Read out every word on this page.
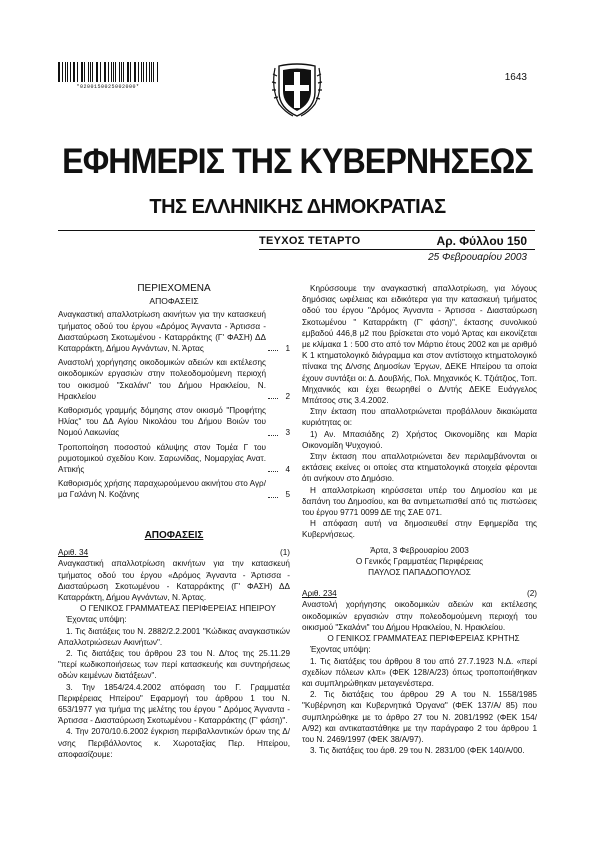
*0200150025002000*
1643
ΕΦΗΜΕΡΙΣ ΤΗΣ ΚΥΒΕΡΝΗΣΕΩΣ
ΤΗΣ ΕΛΛΗΝΙΚΗΣ ΔΗΜΟΚΡΑΤΙΑΣ
ΤΕΥΧΟΣ ΤΕΤΑΡΤΟ	Αρ. Φύλλου 150
25 Φεβρουαρίου 2003
ΠΕΡΙΕΧΟΜΕΝΑ
ΑΠΟΦΑΣΕΙΣ
Αναγκαστική απαλλοτρίωση ακινήτων για την κατασκευή τμήματος οδού του έργου «Δρόμος Άγναντα - Άρτισσα - Διασταύρωση Σκοτωμένου - Καταρράκτης (Γ' ΦΑΣΗ) ΔΔ Καταρράκτη, Δήμου Αγνάντων, Ν. Άρτας	1
Αναστολή χορήγησης οικοδομικών αδειών και εκτέλεσης οικοδομικών εργασιών στην πολεοδομούμενη περιοχή του οικισμού "Σκαλάνι" του Δήμου Ηρακλείου, Ν. Ηρακλείου	2
Καθορισμός γραμμής δόμησης στον οικισμό "Προφήτης Ηλίας" του ΔΔ Αγίου Νικολάου του Δήμου Βοιών του Νομού Λακωνίας	3
Τροποποίηση ποσοστού κάλυψης στον Τομέα Γ του ρυμοτομικού σχεδίου Κοιν. Σαρωνίδας, Νομαρχίας Ανατ. Αττικής	4
Καθορισμός χρήσης παραχωρούμενου ακινήτου στο Αγρ/μα Γαλάνη Ν. Κοζάνης	5
ΑΠΟΦΑΣΕΙΣ
Αριθ. 34	(1)

Αναγκαστική απαλλοτρίωση ακινήτων για την κατασκευή τμήματος οδού του έργου «Δρόμος Άγναντα - Άρτισσα - Διασταύρωση Σκοτωμένου - Καταρράκτης (Γ' ΦΑΣΗ) ΔΔ Καταρράκτη, Δήμου Αγνάντων, Ν. Άρτας.

Ο ΓΕΝΙΚΟΣ ΓΡΑΜΜΑΤΕΑΣ ΠΕΡΙΦΕΡΕΙΑΣ ΗΠΕΙΡΟΥ

Έχοντας υπόψη:

1. Τις διατάξεις του Ν. 2882/2.2.2001 "Κώδικας αναγκαστικών Απαλλοτριώσεων Ακινήτων".

2. Τις διατάξεις του άρθρου 23 του Ν. Δ/τος της 25.11.29 "περί κωδικοποιήσεως των περί κατασκευής και συντηρήσεως οδών κειμένων διατάξεων".

3. Την 1854/24.4.2002 απόφαση του Γ. Γραμματέα Περιφέρειας Ηπείρου" Εφαρμογή του άρθρου 1 του Ν. 653/1977 για τμήμα της μελέτης του έργου " Δρόμος Άγναντα - Άρτισσα - Διασταύρωση Σκοτωμένου - Καταρράκτης (Γ' φάση)".

4. Την 2070/10.6.2002 έγκριση περιβαλλοντικών όρων της Δ/νσης Περιβάλλοντος κ. Χωροταξίας Περ. Ηπείρου, αποφασίζουμε:

Κηρύσσουμε την αναγκαστική απαλλοτρίωση, για λόγους δημόσιας ωφέλειας και ειδικότερα για την κατασκευή τμήματος οδού του έργου "Δρόμος Άγναντα - Άρτισσα - Διασταύρωση Σκοτωμένου " Καταρράκτη (Γ' φάση)", έκτασης συνολικού εμβαδού 446,8 μ2 που βρίσκεται στο νομό Άρτας και εικονίζεται με κλίμακα 1 : 500 στο από τον Μάρτιο έτους 2002 και με αριθμό Κ 1 κτηματολογικό διάγραμμα και στον αντίστοιχο κτηματολογικό πίνακα της Δ/νσης Δημοσίων Έργων, ΔΕΚΕ Ηπείρου τα οποία έχουν συντάξει οι: Δ. Δουβλής, Πολ. Μηχανικός Κ. Τζιάτζιος, Τοπ. Μηχανικός και έχει θεωρηθεί ο Δ/ντής ΔΕΚΕ Ευάγγελος Μπάτσος στις 3.4.2002.

Στην έκταση που απαλλοτριώνεται προβάλλουν δικαιώματα κυριότητας οι:

1) Αν. Μπασιάδης 2) Χρήστος Οικονομίδης και Μαρία Οικονομίδη Ψυχογιού.

Στην έκταση που απαλλοτριώνεται δεν περιλαμβάνονται οι εκτάσεις εκείνες οι οποίες στα κτηματολογικά στοιχεία φέρονται ότι ανήκουν στο Δημόσιο.

Η απαλλοτρίωση κηρύσσεται υπέρ του Δημοσίου και με δαπάνη του Δημοσίου, και θα αντιμετωπισθεί από τις πιστώσεις του έργου 9771 0099 ΔΕ της ΣΑΕ 071.

Η απόφαση αυτή να δημοσιευθεί στην Εφημερίδα της Κυβερνήσεως.

Άρτα, 3 Φεβρουαρίου 2003
Ο Γενικός Γραμματέας Περιφέρειας
ΠΑΥΛΟΣ ΠΑΠΑΔΟΠΟΥΛΟΣ
Αριθ. 234	(2)

Αναστολή χορήγησης οικοδομικών αδειών και εκτέλεσης οικοδομικών εργασιών στην πολεοδομούμενη περιοχή του οικισμού "Σκαλάνι" του Δήμου Ηρακλείου, Ν. Ηρακλείου.

Ο ΓΕΝΙΚΟΣ ΓΡΑΜΜΑΤΕΑΣ ΠΕΡΙΦΕΡΕΙΑΣ ΚΡΗΤΗΣ

Έχοντας υπόψη:

1. Τις διατάξεις του άρθρου 8 του από 27.7.1923 Ν.Δ. «περί σχεδίων πόλεων κλπ» (ΦΕΚ 128/Α/23) όπως τροποποιήθηκαν και συμπληρώθηκαν μεταγενέστερα.

2. Τις διατάξεις του άρθρου 29 Α του Ν. 1558/1985 "Κυβέρνηση και Κυβερνητικά Όργανα" (ΦΕΚ 137/Α/ 85) που συμπληρώθηκε με το άρθρο 27 του Ν. 2081/1992 (ΦΕΚ 154/Α/92) και αντικαταστάθηκε με την παράγραφο 2 του άρθρου 1 του Ν. 2469/1997 (ΦΕΚ 38/Α/97).

3. Τις διατάξεις του άρθ. 29 του Ν. 2831/00 (ΦΕΚ 140/Α/00.
